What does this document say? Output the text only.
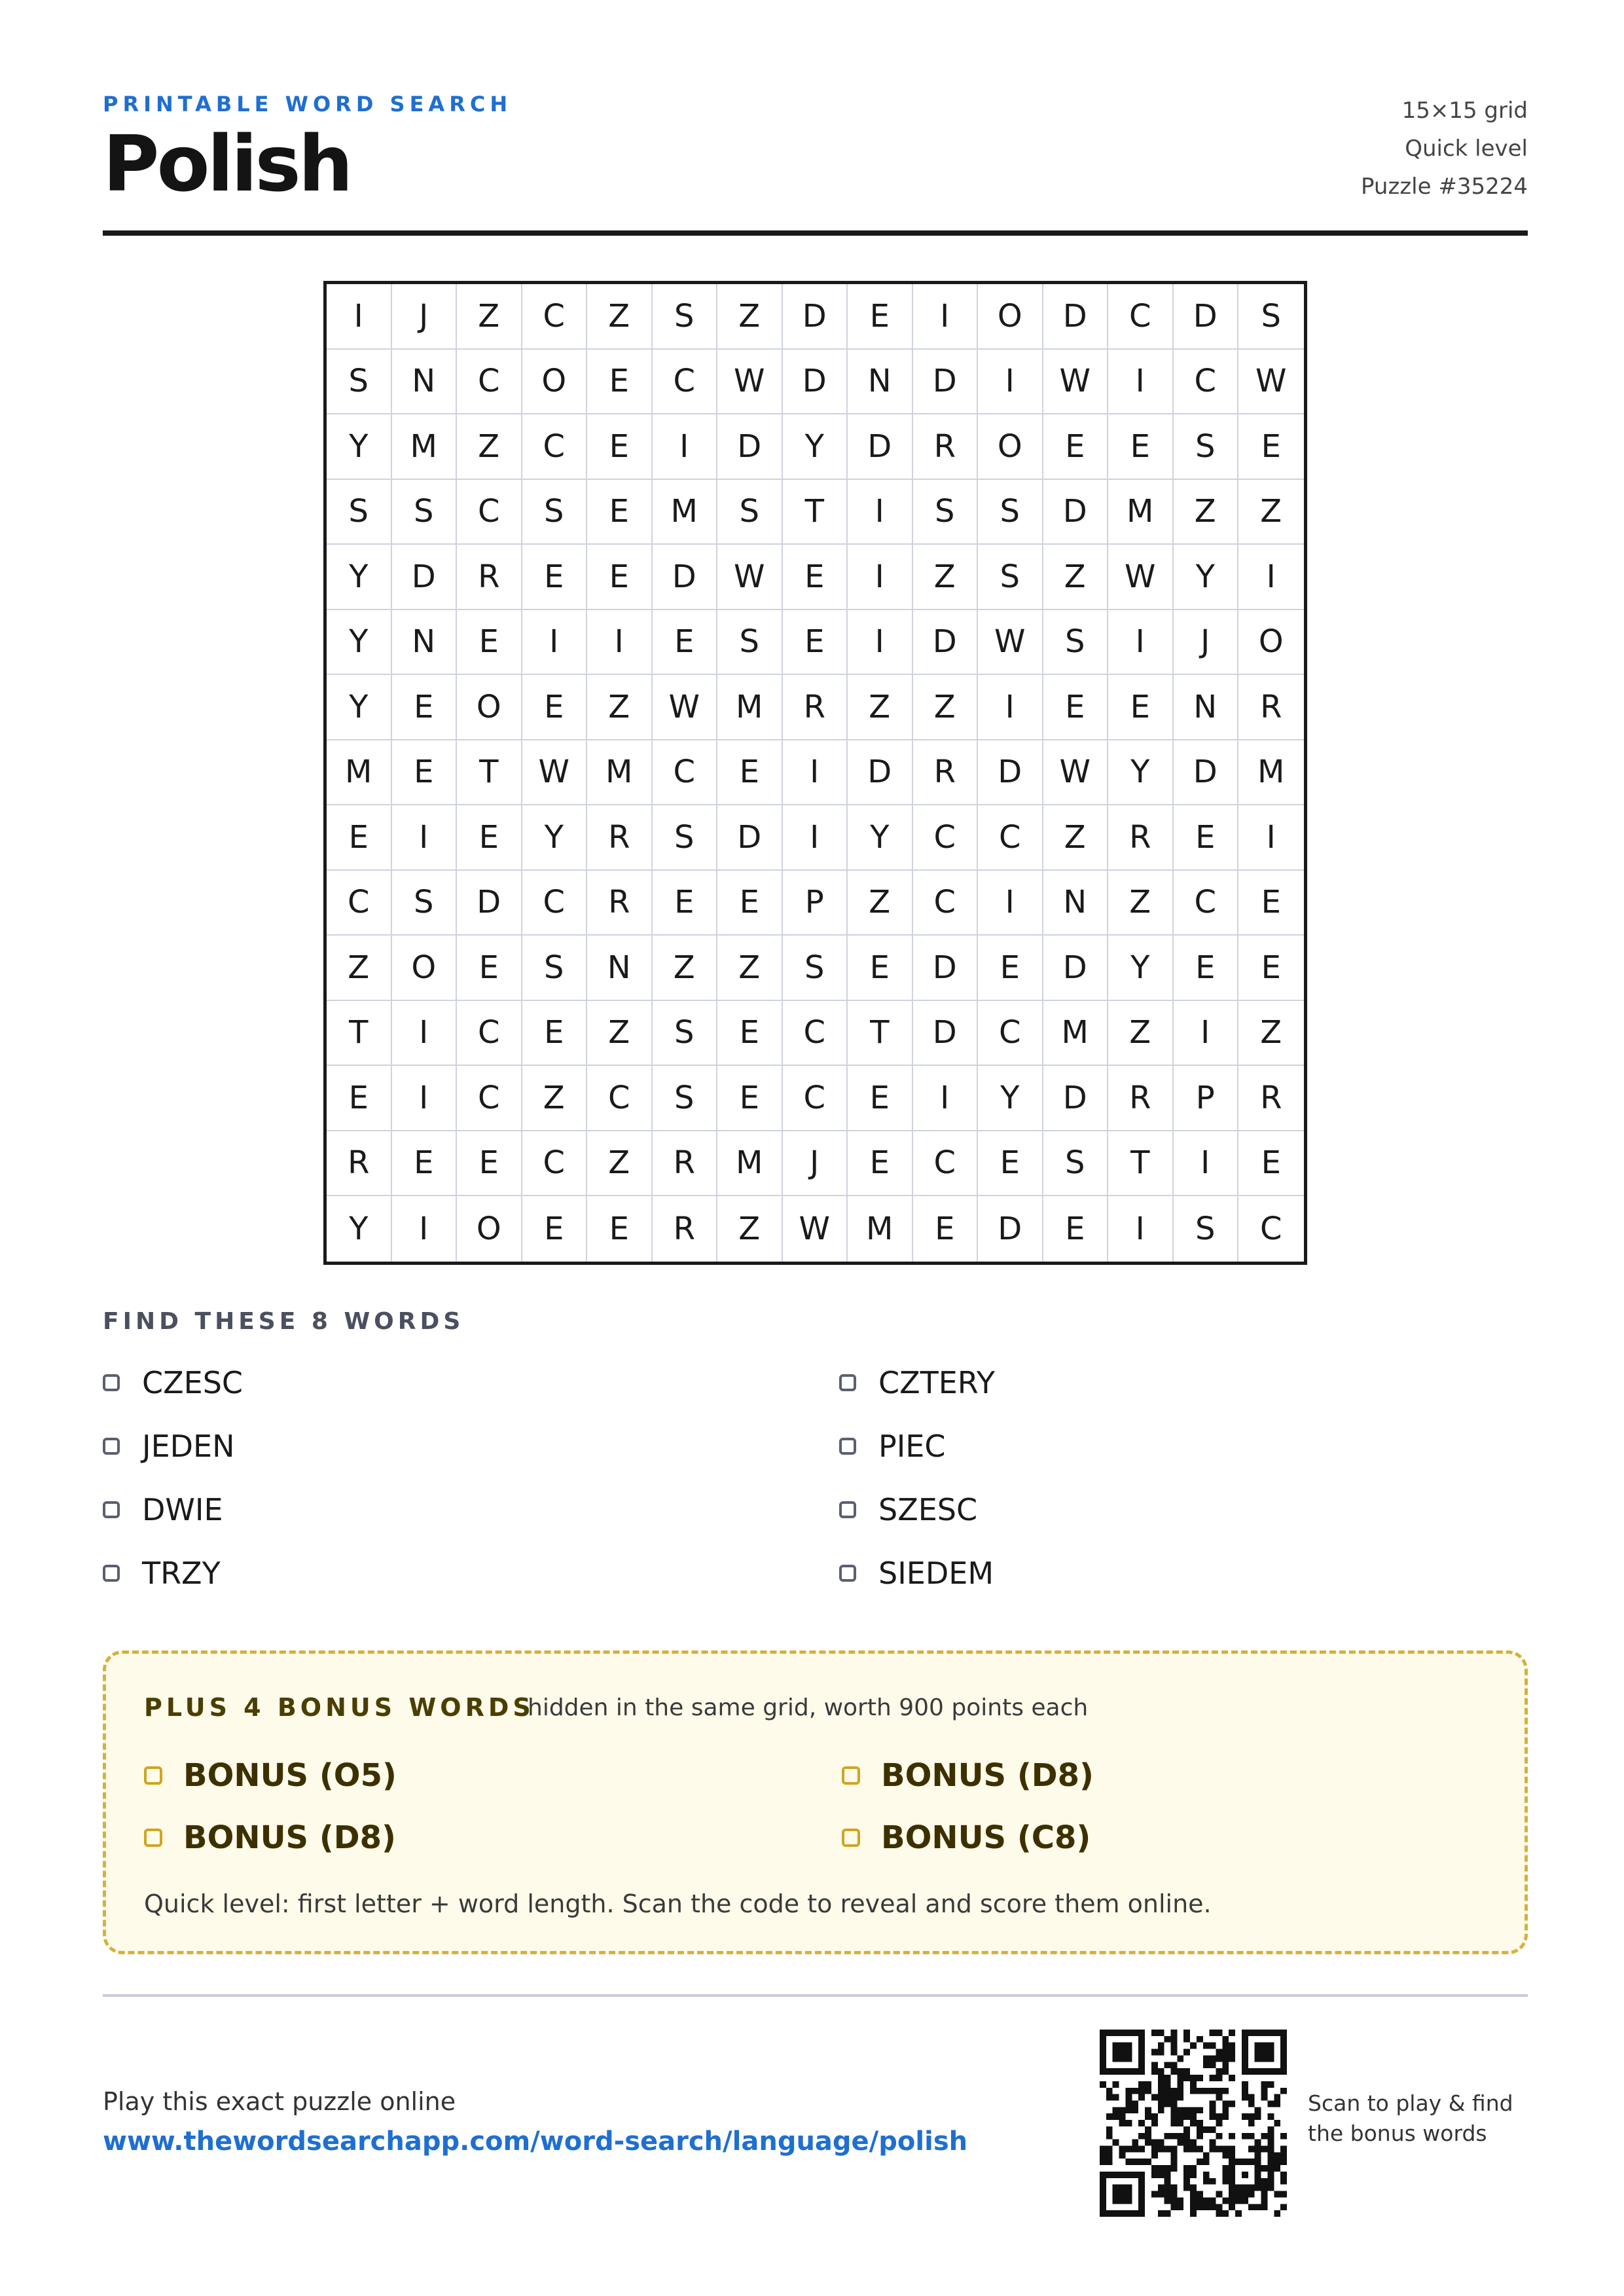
PRINTABLE WORD SEARCH
Polish
15×15 grid
Quick level
Puzzle #35224
I	J	Z	C	Z	S	Z	D	E	I	O	D	C	D	S
S	N	C	O	E	C	W	D	N	D	I	W	I	C	W
Y	M	Z	C	E	I	D	Y	D	R	O	E	E	S	E
S	S	C	S	E	M	S	T	I	S	S	D	M	Z	Z
Y	D	R	E	E	D	W	E	I	Z	S	Z	W	Y	I
Y	N	E	I	I	E	S	E	I	D	W	S	I	J	O
Y	E	O	E	Z	W	M	R	Z	Z	I	E	E	N	R
M	E	T	W	M	C	E	I	D	R	D	W	Y	D	M
E	I	E	Y	R	S	D	I	Y	C	C	Z	R	E	I
C	S	D	C	R	E	E	P	Z	C	I	N	Z	C	E
Z	O	E	S	N	Z	Z	S	E	D	E	D	Y	E	E
T	I	C	E	Z	S	E	C	T	D	C	M	Z	I	Z
E	I	C	Z	C	S	E	C	E	I	Y	D	R	P	R
R	E	E	C	Z	R	M	J	E	C	E	S	T	I	E
Y	I	O	E	E	R	Z	W	M	E	D	E	I	S	C
FIND THESE 8 WORDS
CZESC
JEDEN
DWIE
TRZY
CZTERY
PIEC
SZESC
SIEDEM
PLUS 4 BONUS WORDS
hidden in the same grid, worth 900 points each
BONUS (O5)
BONUS (D8)
BONUS (D8)
BONUS (C8)
Quick level: first letter + word length. Scan the code to reveal and score them online.
Play this exact puzzle online
www.thewordsearchapp.com/word-search/language/polish
Scan to play & find
the bonus words
